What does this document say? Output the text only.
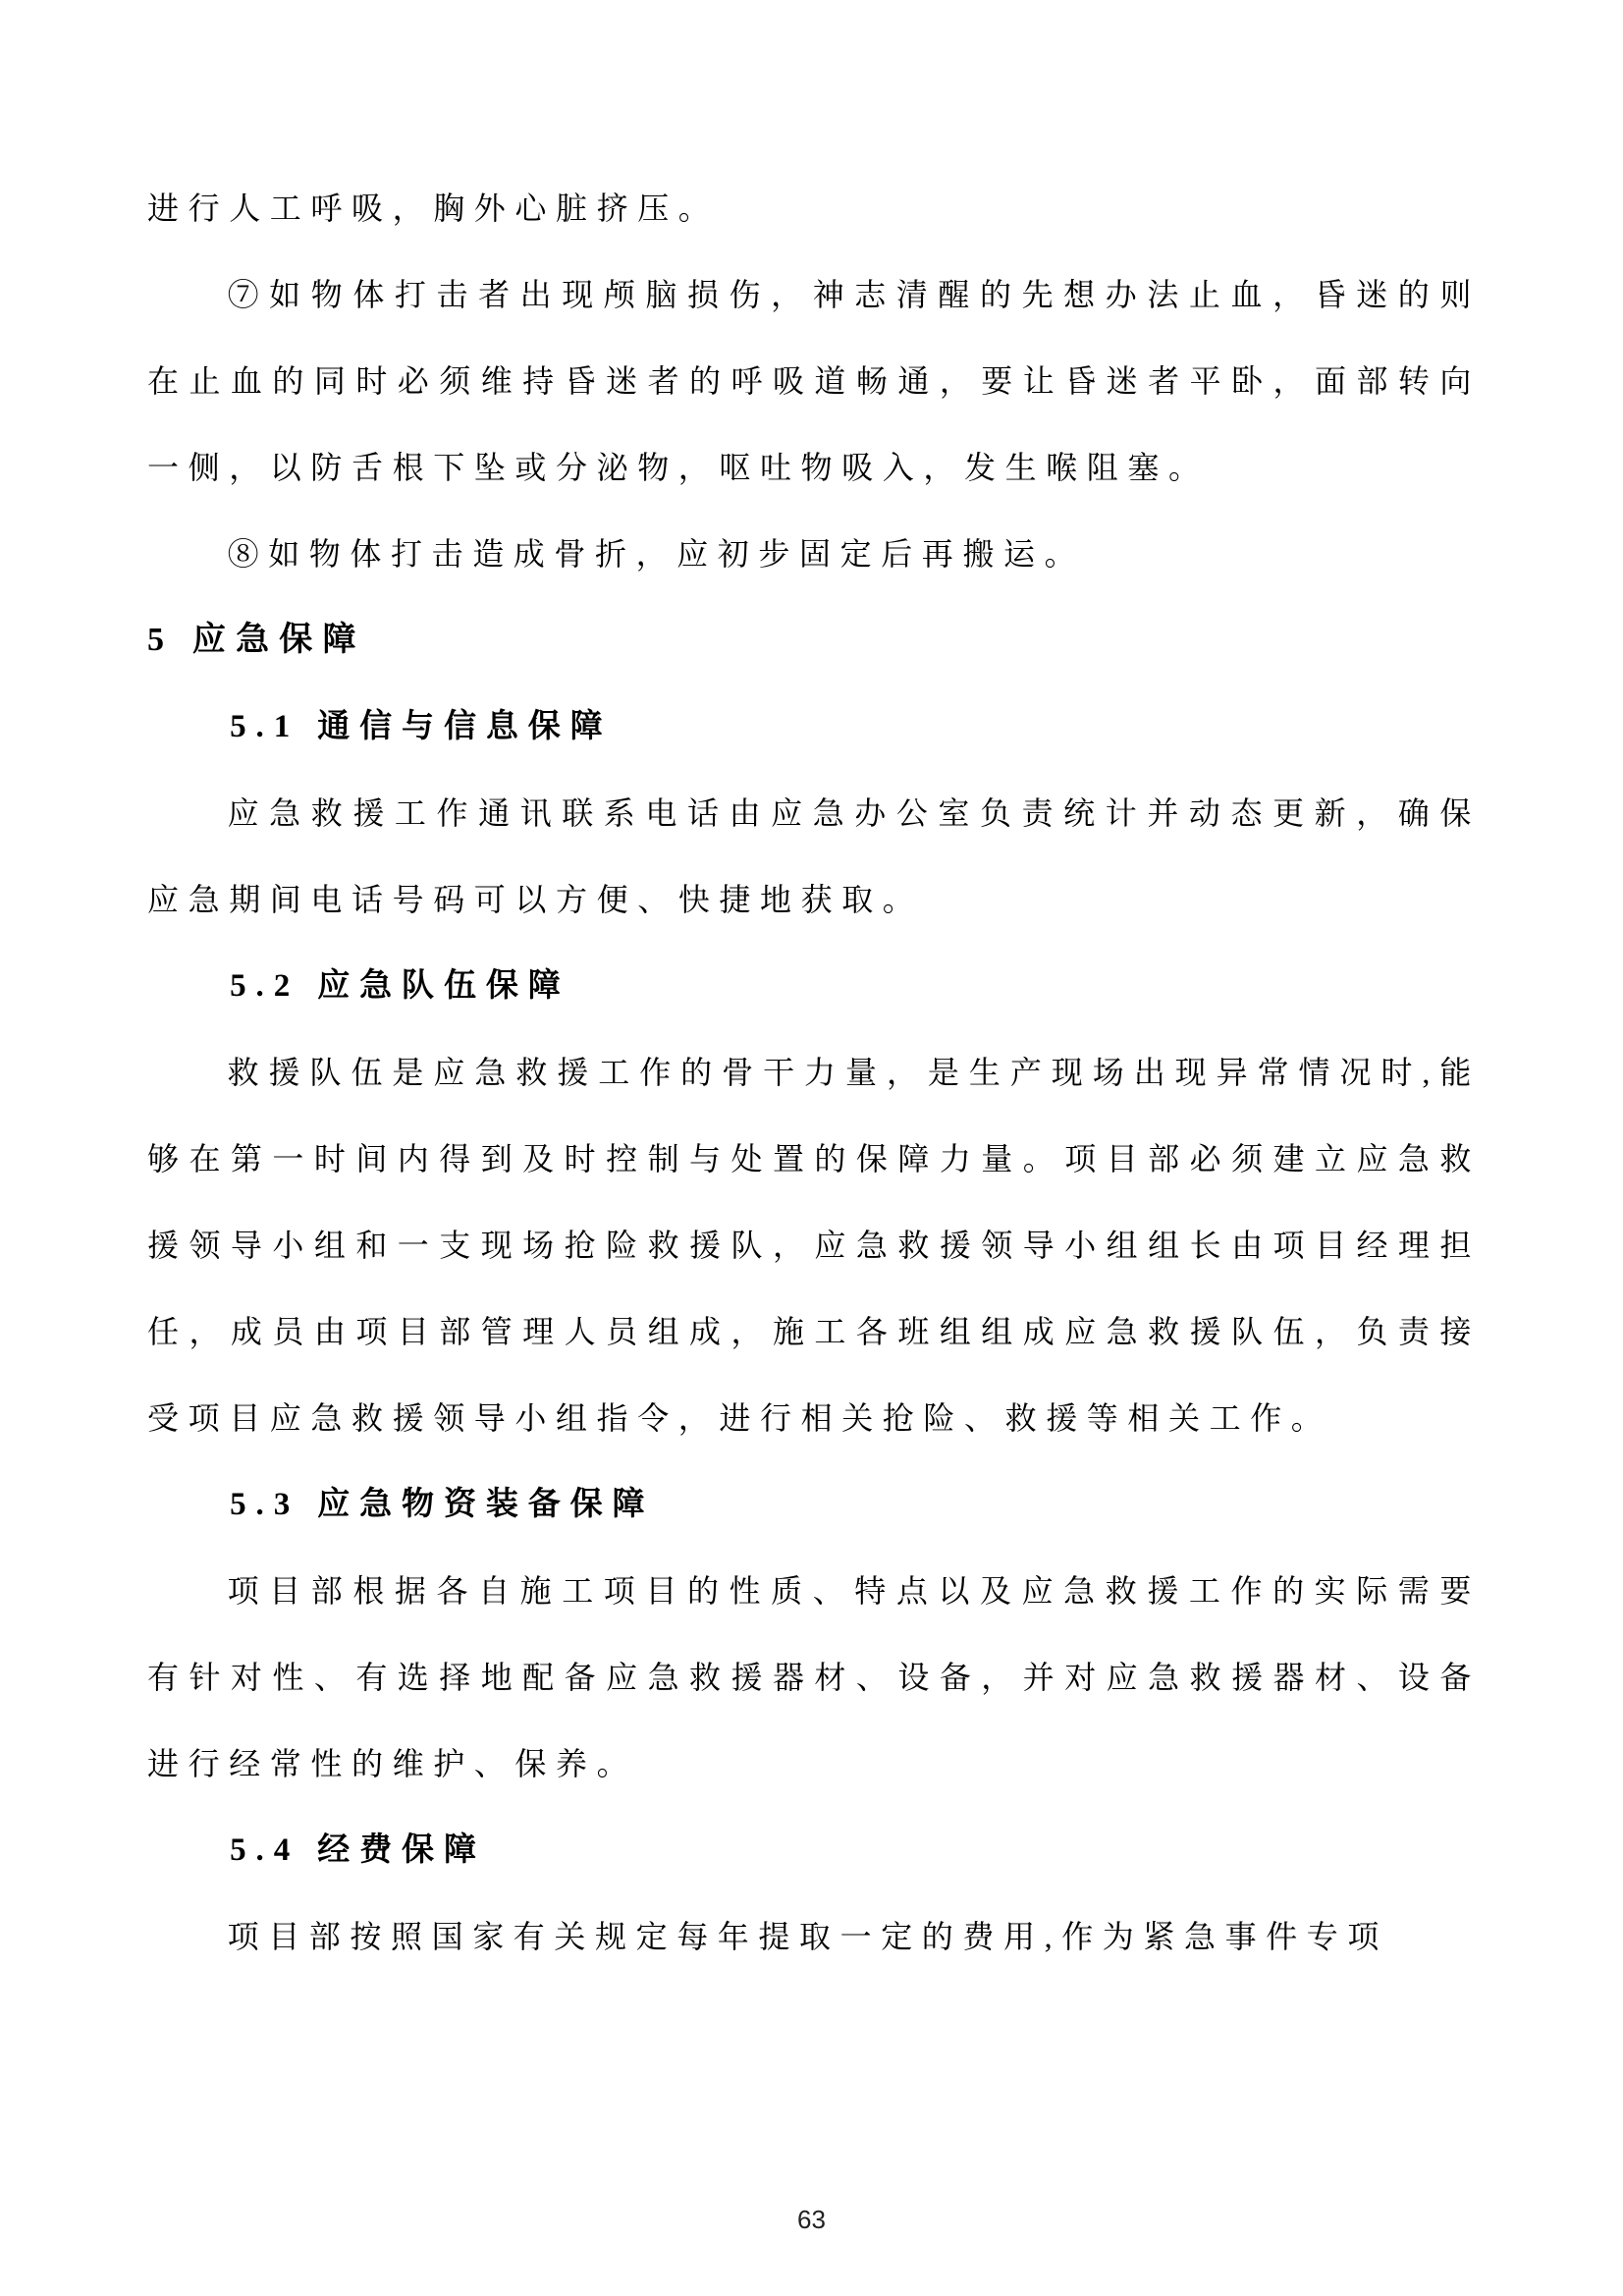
进行人工呼吸，胸外心脏挤压。
⑦如物体打击者出现颅脑损伤，神志清醒的先想办法止血，昏迷的则在止血的同时必须维持昏迷者的呼吸道畅通，要让昏迷者平卧，面部转向一侧，以防舌根下坠或分泌物，呕吐物吸入，发生喉阻塞。
⑧如物体打击造成骨折，应初步固定后再搬运。
5 应急保障
5.1 通信与信息保障
应急救援工作通讯联系电话由应急办公室负责统计并动态更新，确保应急期间电话号码可以方便、快捷地获取。
5.2 应急队伍保障
救援队伍是应急救援工作的骨干力量，是生产现场出现异常情况时,能够在第一时间内得到及时控制与处置的保障力量。项目部必须建立应急救援领导小组和一支现场抢险救援队，应急救援领导小组组长由项目经理担任，成员由项目部管理人员组成，施工各班组组成应急救援队伍，负责接受项目应急救援领导小组指令，进行相关抢险、救援等相关工作。
5.3 应急物资装备保障
项目部根据各自施工项目的性质、特点以及应急救援工作的实际需要有针对性、有选择地配备应急救援器材、设备，并对应急救援器材、设备进行经常性的维护、保养。
5.4 经费保障
项目部按照国家有关规定每年提取一定的费用,作为紧急事件专项
63
